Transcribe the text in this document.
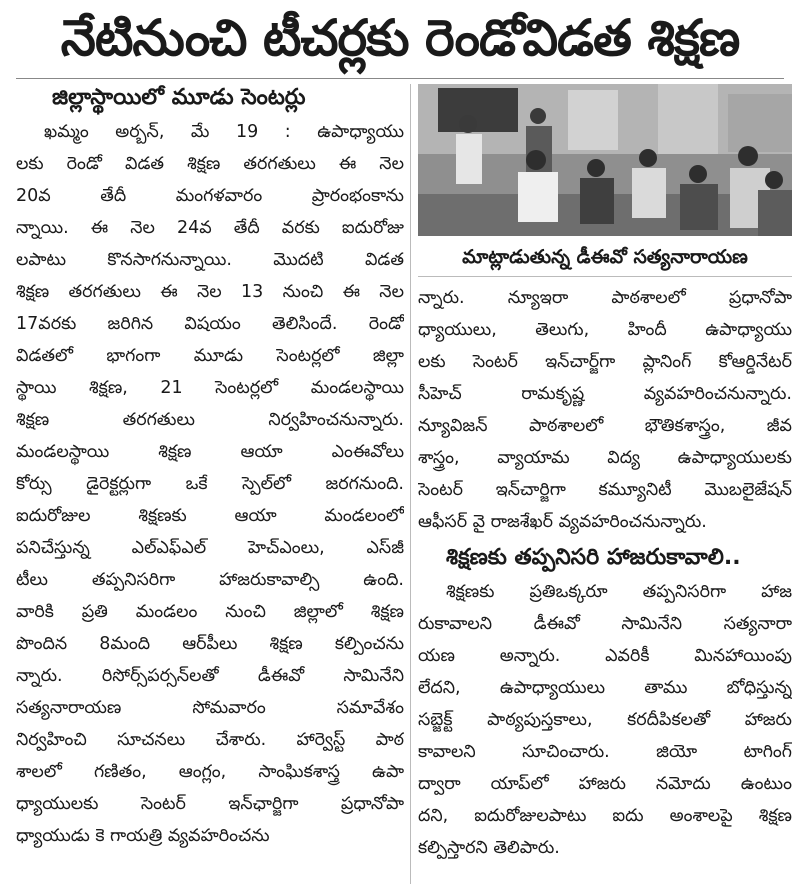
నేటినుంచి టీచర్లకు రెండోవిడత శిక్షణ
జిల్లాస్థాయిలో మూడు సెంటర్లు
ఖమ్మం అర్బన్, మే 19 : ఉపాధ్యాయు
లకు రెండో విడత శిక్షణ తరగతులు ఈ నెల
20వ తేదీ మంగళవారం ప్రారంభంకాను
న్నాయి. ఈ నెల 24వ తేదీ వరకు ఐదురోజు
లపాటు కొనసాగనున్నాయి. మొదటి విడత
శిక్షణ తరగతులు ఈ నెల 13 నుంచి ఈ నెల
17వరకు జరిగిన విషయం తెలిసిందే. రెండో
విడతలో భాగంగా మూడు సెంటర్లలో జిల్లా
స్థాయి శిక్షణ, 21 సెంటర్లలో మండలస్థాయి
శిక్షణ తరగతులు నిర్వహించనున్నారు.
మండలస్థాయి శిక్షణ ఆయా ఎంఈవోలు
కోర్సు డైరెక్టర్లుగా ఒకే స్పెల్‌లో జరగనుంది.
ఐదురోజుల శిక్షణకు ఆయా మండలంలో
పనిచేస్తున్న ఎల్‌ఎఫ్‌ఎల్ హెచ్‌ఎంలు, ఎస్‌జీ
టీలు తప్పనిసరిగా హాజరుకావాల్సి ఉంది.
వారికి ప్రతి మండలం నుంచి జిల్లాలో శిక్షణ
పొందిన 8మంది ఆర్‌పీలు శిక్షణ కల్పించను
న్నారు. రిసోర్స్‌పర్సన్‌లతో డీఈవో సామినేని
సత్యనారాయణ సోమవారం సమావేశం
నిర్వహించి సూచనలు చేశారు. హార్వెస్ట్ పాఠ
శాలలో గణితం, ఆంగ్లం, సాంఘికశాస్త్ర ఉపా
ధ్యాయులకు సెంటర్ ఇన్‌ఛార్జిగా ప్రధానోపా
ధ్యాయుడు కె గాయత్రి వ్యవహరించను
మాట్లాడుతున్న డీఈవో సత్యనారాయణ
న్నారు. న్యూఇరా పాఠశాలలో ప్రధానోపా
ధ్యాయులు, తెలుగు, హిందీ ఉపాధ్యాయు
లకు సెంటర్ ఇన్‌చార్జ్‌గా ప్లానింగ్ కోఆర్డినేటర్
సీహెచ్ రామకృష్ణ వ్యవహరించనున్నారు.
న్యూవిజన్ పాఠశాలలో భౌతికశాస్త్రం, జీవ
శాస్త్రం, వ్యాయామ విద్య ఉపాధ్యాయులకు
సెంటర్ ఇన్‌చార్జిగా కమ్యూనిటీ మొబలైజేషన్
ఆఫీసర్ వై రాజశేఖర్ వ్యవహరించనున్నారు.
శిక్షణకు తప్పనిసరి హాజరుకావాలి..
శిక్షణకు ప్రతిఒక్కరూ తప్పనిసరిగా హాజ
రుకావాలని డీఈవో సామినేని సత్యనారా
యణ అన్నారు. ఎవరికీ మినహాయింపు
లేదని, ఉపాధ్యాయులు తాము బోధిస్తున్న
సబ్జెక్ట్ పాఠ్యపుస్తకాలు, కరదీపికలతో హాజరు
కావాలని సూచించారు. జియో టాగింగ్
ద్వారా యాప్‌లో హాజరు నమోదు ఉంటుం
దని, ఐదురోజులపాటు ఐదు అంశాలపై శిక్షణ
కల్పిస్తారని తెలిపారు.
